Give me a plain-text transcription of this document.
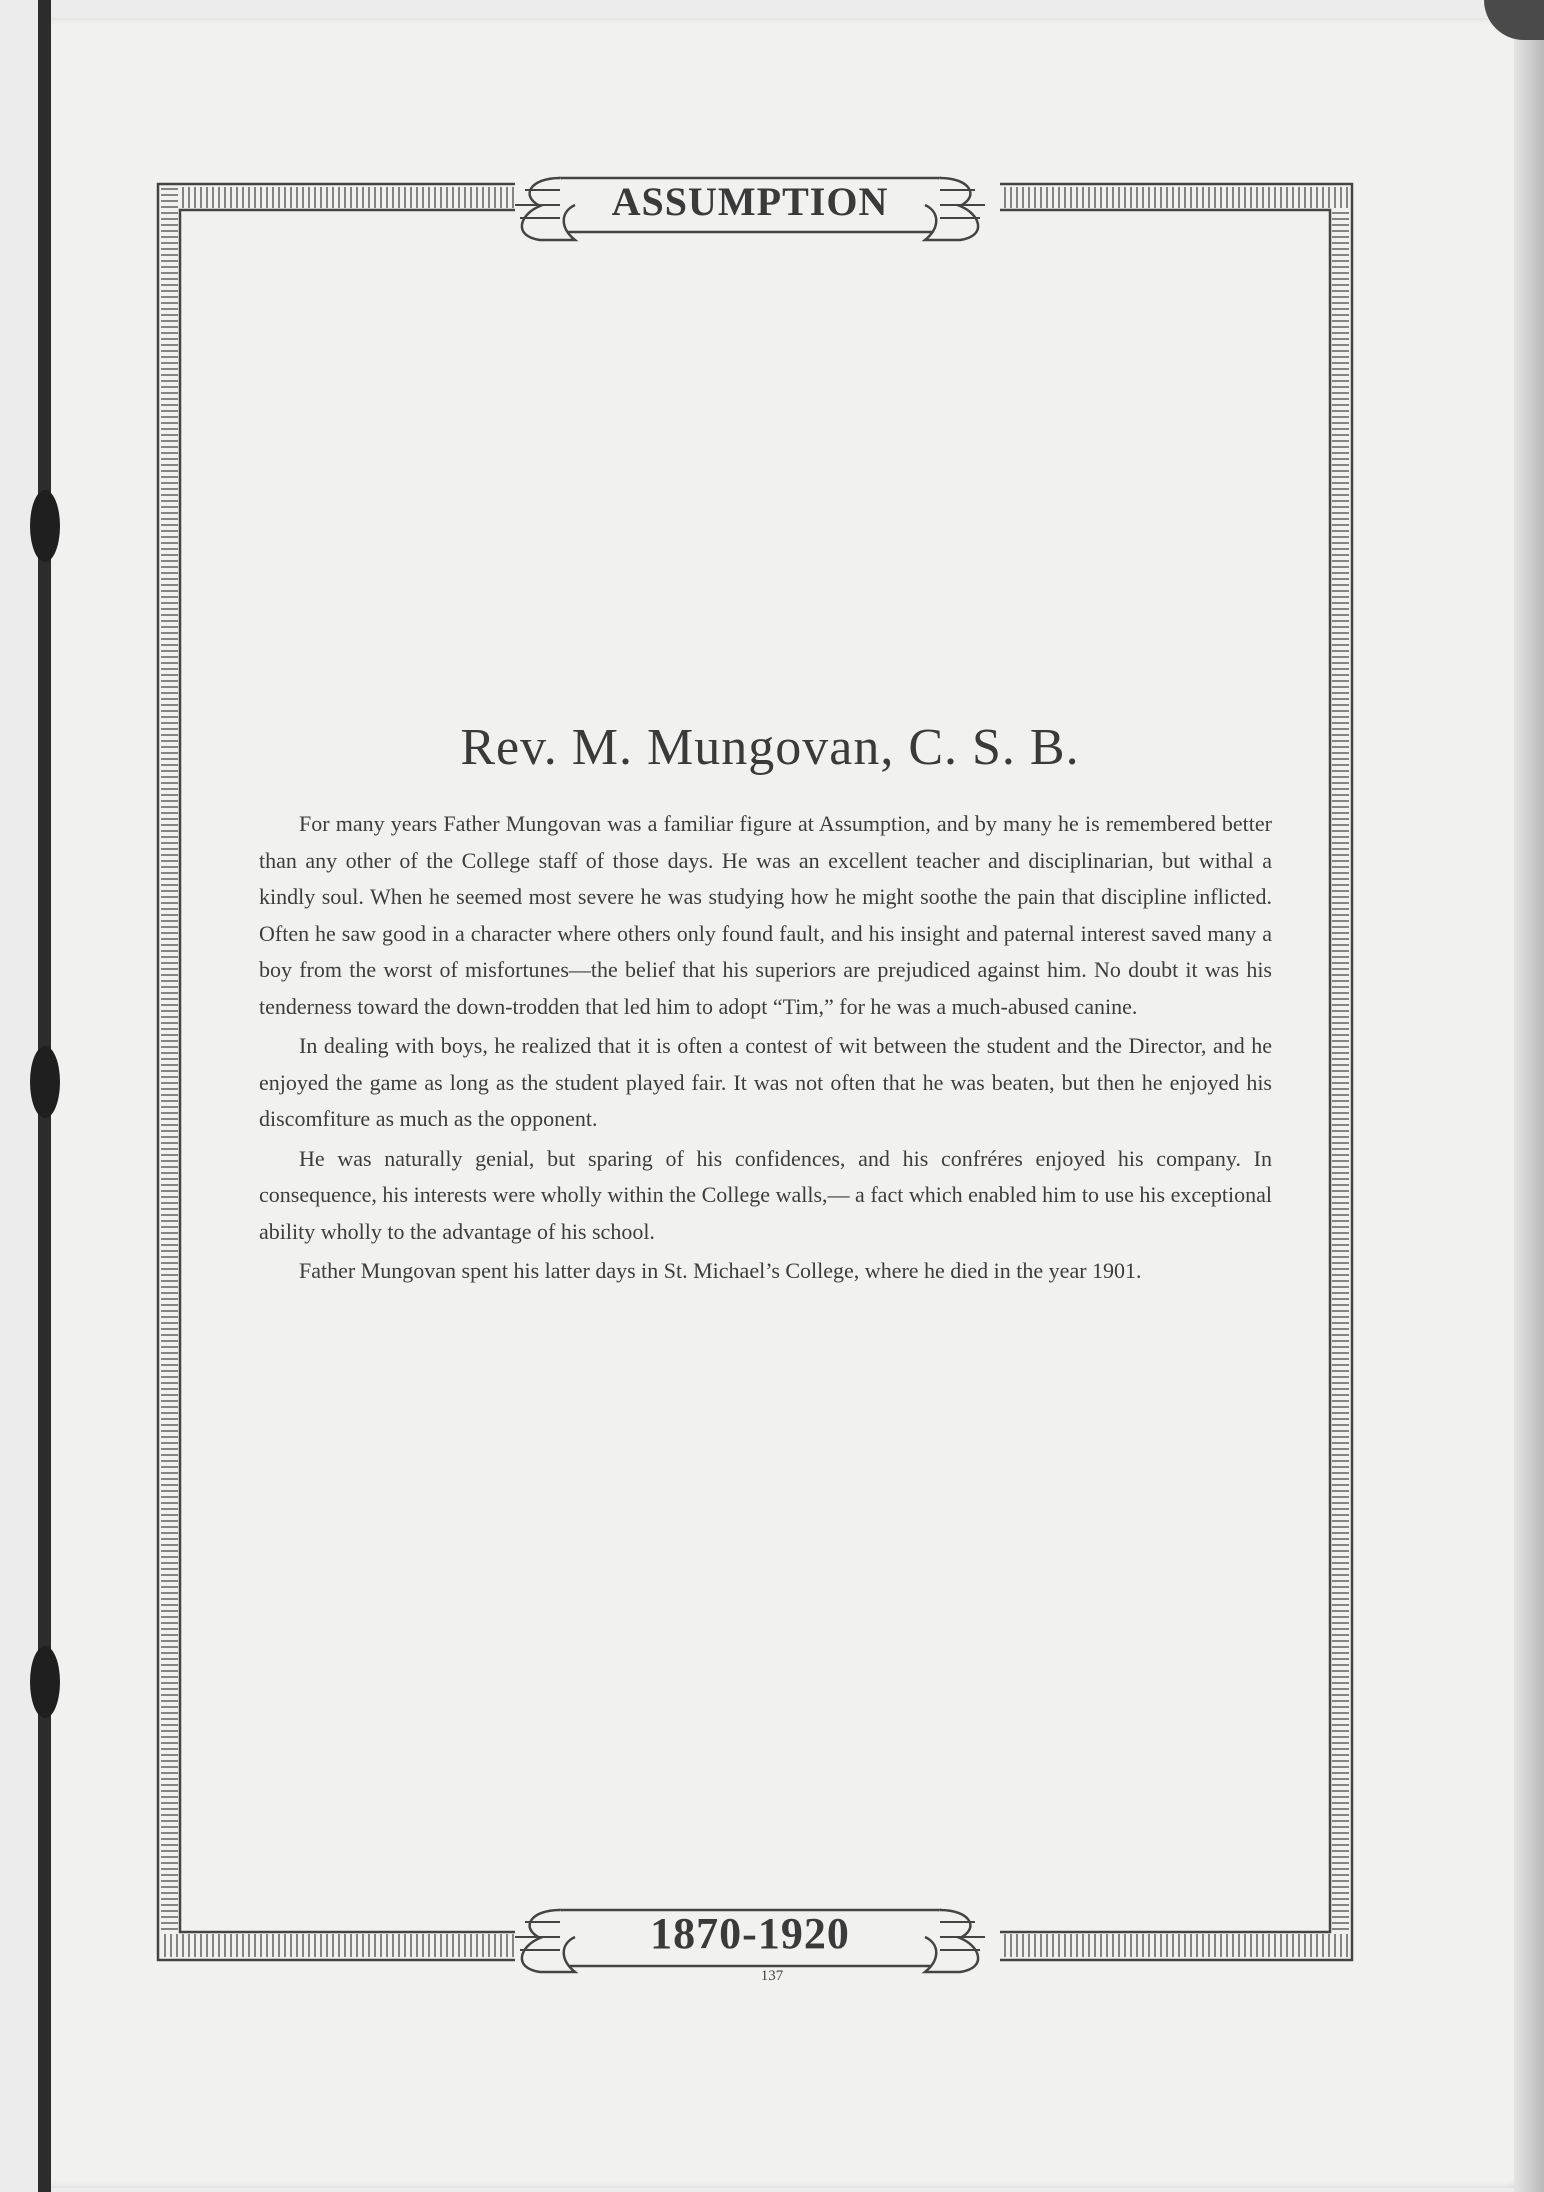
ASSUMPTION
1870-1920
Rev. M. Mungovan, C. S. B.

For many years Father Mungovan was a familiar figure at Assumption, and by many he is remembered better than any other of the College staff of those days. He was an excellent teacher and disciplinarian, but withal a kindly soul. When he seemed most severe he was studying how he might soothe the pain that discipline inflicted. Often he saw good in a character where others only found fault, and his insight and paternal interest saved many a boy from the worst of misfortunes—the belief that his superiors are prejudiced against him. No doubt it was his tenderness toward the down-trodden that led him to adopt “Tim,” for he was a much-abused canine.

In dealing with boys, he realized that it is often a contest of wit between the student and the Director, and he enjoyed the game as long as the student played fair. It was not often that he was beaten, but then he enjoyed his discomfiture as much as the opponent.

He was naturally genial, but sparing of his confidences, and his confréres enjoyed his company. In consequence, his interests were wholly within the College walls,— a fact which enabled him to use his exceptional ability wholly to the advantage of his school.

Father Mungovan spent his latter days in St. Michael’s College, where he died in the year 1901.

137
